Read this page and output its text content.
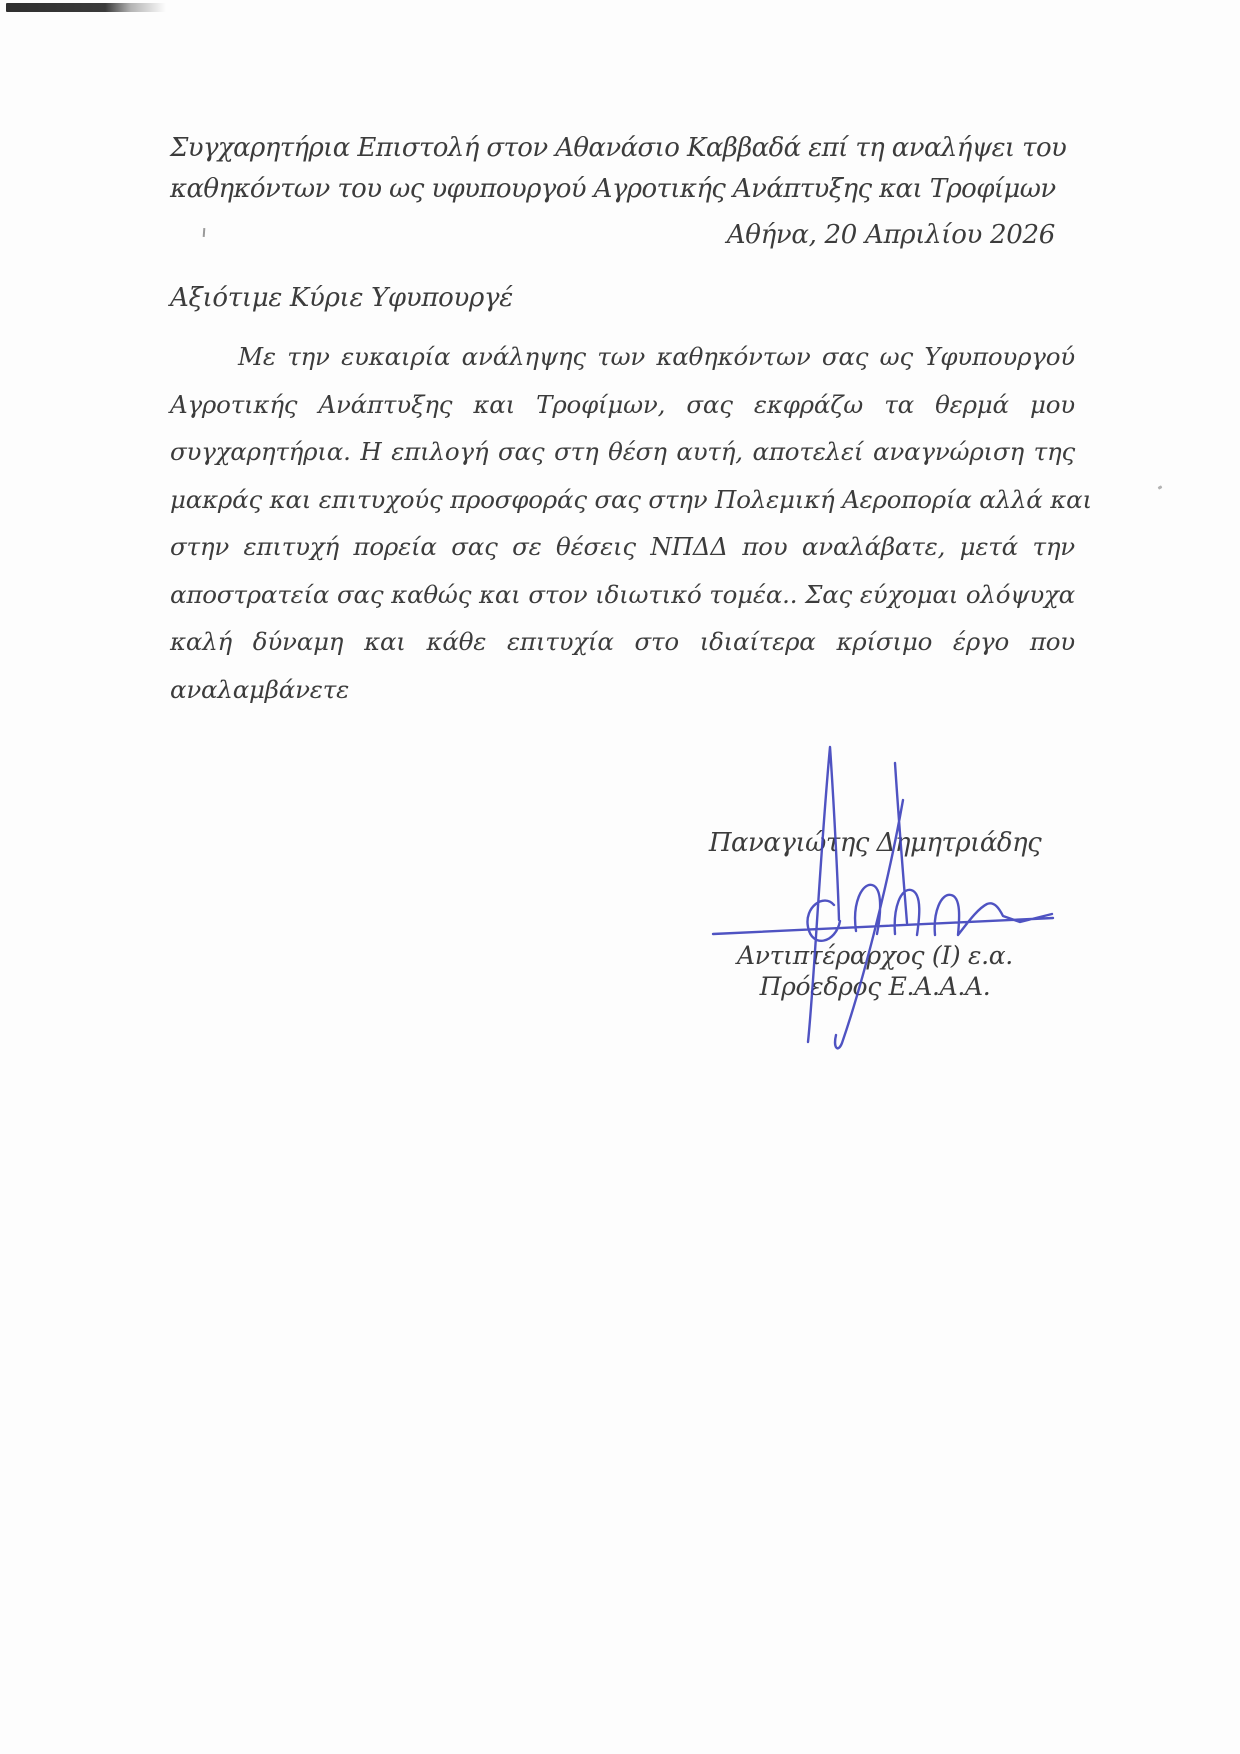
Συγχαρητήρια Επιστολή στον Αθανάσιο Καββαδά επί τη αναλήψει του
καθηκόντων του ως υφυπουργού Αγροτικής Ανάπτυξης και Τροφίμων
Αθήνα, 20 Απριλίου 2026
Αξιότιμε Κύριε Υφυπουργέ
Με την ευκαιρία ανάληψης των καθηκόντων σας ως Υφυπουργού
Αγροτικής Ανάπτυξης και Τροφίμων, σας εκφράζω τα θερμά μου
συγχαρητήρια. Η επιλογή σας στη θέση αυτή, αποτελεί αναγνώριση της
μακράς και επιτυχούς προσφοράς σας στην Πολεμική Αεροπορία αλλά και
στην επιτυχή πορεία σας σε θέσεις ΝΠΔΔ που αναλάβατε, μετά την
αποστρατεία σας καθώς και στον ιδιωτικό τομέα.. Σας εύχομαι ολόψυχα
καλή δύναμη και κάθε επιτυχία στο ιδιαίτερα κρίσιμο έργο που
αναλαμβάνετε
Παναγιώτης Δημητριάδης
Αντιπτέραρχος (Ι) ε.α.
Πρόεδρος Ε.Α.Α.Α.
